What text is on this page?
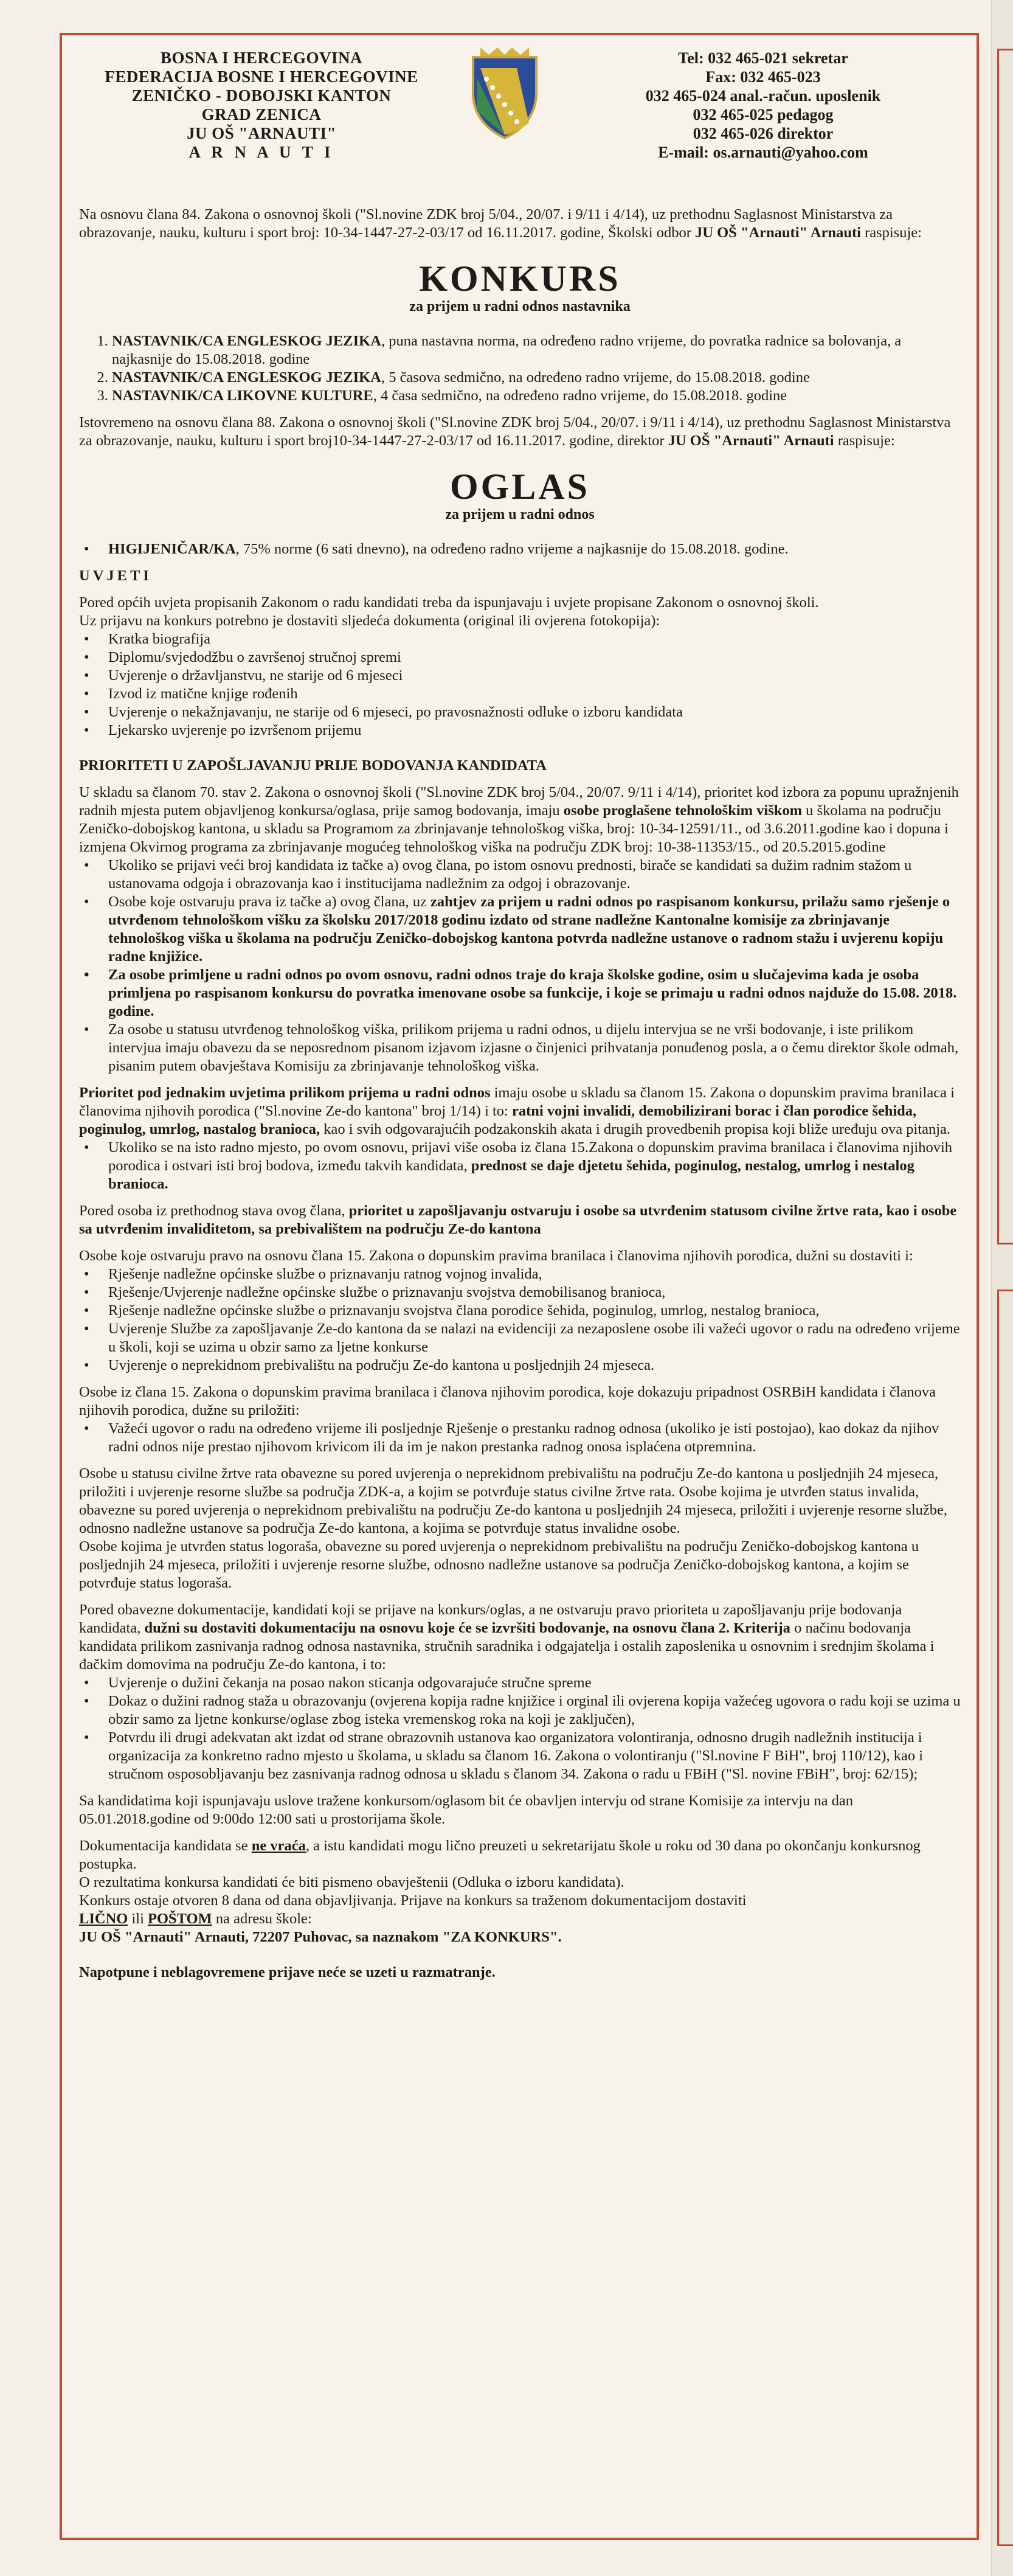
BOSNA I HERCEGOVINA
FEDERACIJA BOSNE I HERCEGOVINE
ZENIČKO - DOBOJSKI KANTON
GRAD ZENICA
JU OŠ "ARNAUTI"
A R N A U T I
Tel: 032 465-021 sekretar
Fax: 032 465-023
032 465-024 anal.-račun. uposlenik
032 465-025 pedagog
032 465-026 direktor
E-mail: os.arnauti@yahoo.com

Na osnovu člana 84. Zakona o osnovnoj školi ("Sl.novine ZDK broj 5/04., 20/07. i 9/11 i 4/14), uz prethodnu Saglasnost Ministarstva za obrazovanje, nauku, kulturu i sport broj: 10-34-1447-27-2-03/17 od 16.11.2017. godine, Školski odbor JU OŠ "Arnauti" Arnauti raspisuje:

KONKURS
za prijem u radni odnos nastavnika
1. NASTAVNIK/CA ENGLESKOG JEZIKA, puna nastavna norma, na određeno radno vrijeme, do povratka radnice sa bolovanja, a najkasnije do 15.08.2018. godine
2. NASTAVNIK/CA ENGLESKOG JEZIKA, 5 časova sedmično, na određeno radno vrijeme, do 15.08.2018. godine
3. NASTAVNIK/CA LIKOVNE KULTURE, 4 časa sedmično, na određeno radno vrijeme, do 15.08.2018. godine

Istovremeno na osnovu člana 88. Zakona o osnovnoj školi ("Sl.novine ZDK broj 5/04., 20/07. i 9/11 i 4/14), uz prethodnu Saglasnost Ministarstva za obrazovanje, nauku, kulturu i sport broj10-34-1447-27-2-03/17 od 16.11.2017. godine, direktor JU OŠ "Arnauti" Arnauti raspisuje:

OGLAS
za prijem u radni odnos
• HIGIJENIČAR/KA, 75% norme (6 sati dnevno), na određeno radno vrijeme a najkasnije do 15.08.2018. godine.
UVJETI

Pored općih uvjeta propisanih Zakonom o radu kandidati treba da ispunjavaju i uvjete propisane Zakonom o osnovnoj školi.

Uz prijavu na konkurs potrebno je dostaviti sljedeća dokumenta (original ili ovjerena fotokopija):

• Kratka biografija
• Diplomu/svjedodžbu o završenoj stručnoj spremi
• Uvjerenje o državljanstvu, ne starije od 6 mjeseci
• Izvod iz matične knjige rođenih
• Uvjerenje o nekažnjavanju, ne starije od 6 mjeseci, po pravosnažnosti odluke o izboru kandidata
• Ljekarsko uvjerenje po izvršenom prijemu
PRIORITETI U ZAPOŠLJAVANJU PRIJE BODOVANJA KANDIDATA

U skladu sa članom 70. stav 2. Zakona o osnovnoj školi ("Sl.novine ZDK broj 5/04., 20/07. 9/11 i 4/14), prioritet kod izbora za popunu upražnjenih radnih mjesta putem objavljenog konkursa/oglasa, prije samog bodovanja, imaju osobe proglašene tehnološkim viškom u školama na području Zeničko-dobojskog kantona, u skladu sa Programom za zbrinjavanje tehnološkog viška, broj: 10-34-12591/11., od 3.6.2011.godine kao i dopuna i izmjena Okvirnog programa za zbrinjavanje mogućeg tehnološkog viška na području ZDK broj: 10-38-11353/15., od 20.5.2015.godine

• Ukoliko se prijavi veći broj kandidata iz tačke a) ovog člana, po istom osnovu prednosti, birače se kandidati sa dužim radnim stažom u ustanovama odgoja i obrazovanja kao i institucijama nadležnim za odgoj i obrazovanje.
• Osobe koje ostvaruju prava iz tačke a) ovog člana, uz zahtjev za prijem u radni odnos po raspisanom konkursu, prilažu samo rješenje o utvrđenom tehnološkom višku za školsku 2017/2018 godinu izdato od strane nadležne Kantonalne komisije za zbrinjavanje tehnološkog viška u školama na području Zeničko-dobojskog kantona potvrda nadležne ustanove o radnom stažu i uvjerenu kopiju radne knjižice.
• Za osobe primljene u radni odnos po ovom osnovu, radni odnos traje do kraja školske godine, osim u slučajevima kada je osoba primljena po raspisanom konkursu do povratka imenovane osobe sa funkcije, i koje se primaju u radni odnos najduže do 15.08. 2018. godine.
• Za osobe u statusu utvrđenog tehnološkog viška, prilikom prijema u radni odnos, u dijelu intervjua se ne vrši bodovanje, i iste prilikom intervjua imaju obavezu da se neposrednom pisanom izjavom izjasne o činjenici prihvatanja ponuđenog posla, a o čemu direktor škole odmah, pisanim putem obavještava Komisiju za zbrinjavanje tehnološkog viška.

Prioritet pod jednakim uvjetima prilikom prijema u radni odnos imaju osobe u skladu sa članom 15. Zakona o dopunskim pravima branilaca i članovima njihovih porodica ("Sl.novine Ze-do kantona" broj 1/14) i to: ratni vojni invalidi, demobilizirani borac i član porodice šehida, poginulog, umrlog, nastalog branioca, kao i svih odgovarajućih podzakonskih akata i drugih provedbenih propisa koji bliže uređuju ova pitanja.

• Ukoliko se na isto radno mjesto, po ovom osnovu, prijavi više osoba iz člana 15.Zakona o dopunskim pravima branilaca i članovima njihovih porodica i ostvari isti broj bodova, između takvih kandidata, prednost se daje djetetu šehida, poginulog, nestalog, umrlog i nestalog branioca.

Pored osoba iz prethodnog stava ovog člana, prioritet u zapošljavanju ostvaruju i osobe sa utvrđenim statusom civilne žrtve rata, kao i osobe sa utvrđenim invaliditetom, sa prebivalištem na području Ze-do kantona

Osobe koje ostvaruju pravo na osnovu člana 15. Zakona o dopunskim pravima branilaca i članovima njihovih porodica, dužni su dostaviti i:

• Rješenje nadležne općinske službe o priznavanju ratnog vojnog invalida,
• Rješenje/Uvjerenje nadležne općinske službe o priznavanju svojstva demobilisanog branioca,
• Rješenje nadležne općinske službe o priznavanju svojstva člana porodice šehida, poginulog, umrlog, nestalog branioca,
• Uvjerenje Službe za zapošljavanje Ze-do kantona da se nalazi na evidenciji za nezaposlene osobe ili važeći ugovor o radu na određeno vrijeme u školi, koji se uzima u obzir samo za ljetne konkurse
• Uvjerenje o neprekidnom prebivalištu na području Ze-do kantona u posljednjih 24 mjeseca.

Osobe iz člana 15. Zakona o dopunskim pravima branilaca i članova njihovim porodica, koje dokazuju pripadnost OSRBiH kandidata i članova njihovih porodica, dužne su priložiti:

• Važeći ugovor o radu na određeno vrijeme ili posljednje Rješenje o prestanku radnog odnosa (ukoliko je isti postojao), kao dokaz da njihov radni odnos nije prestao njihovom krivicom ili da im je nakon prestanka radnog onosa isplaćena otpremnina.

Osobe u statusu civilne žrtve rata obavezne su pored uvjerenja o neprekidnom prebivalištu na području Ze-do kantona u posljednjih 24 mjeseca, priložiti i uvjerenje resorne službe sa područja ZDK-a, a kojim se potvrđuje status civilne žrtve rata. Osobe kojima je utvrđen status invalida, obavezne su pored uvjerenja o neprekidnom prebivalištu na području Ze-do kantona u posljednjih 24 mjeseca, priložiti i uvjerenje resorne službe, odnosno nadležne ustanove sa područja Ze-do kantona, a kojima se potvrđuje status invalidne osobe.

Osobe kojima je utvrđen status logoraša, obavezne su pored uvjerenja o neprekidnom prebivalištu na području Zeničko-dobojskog kantona u posljednjih 24 mjeseca, priložiti i uvjerenje resorne službe, odnosno nadležne ustanove sa područja Zeničko-dobojskog kantona, a kojim se potvrđuje status logoraša.

Pored obavezne dokumentacije, kandidati koji se prijave na konkurs/oglas, a ne ostvaruju pravo prioriteta u zapošljavanju prije bodovanja kandidata, dužni su dostaviti dokumentaciju na osnovu koje će se izvršiti bodovanje, na osnovu člana 2. Kriterija o načinu bodovanja kandidata prilikom zasnivanja radnog odnosa nastavnika, stručnih saradnika i odgajatelja i ostalih zaposlenika u osnovnim i srednjim školama i đačkim domovima na području Ze-do kantona, i to:

• Uvjerenje o dužini čekanja na posao nakon sticanja odgovarajuće stručne spreme
• Dokaz o dužini radnog staža u obrazovanju (ovjerena kopija radne knjižice i orginal ili ovjerena kopija važećeg ugovora o radu koji se uzima u obzir samo za ljetne konkurse/oglase zbog isteka vremenskog roka na koji je zaključen),
• Potvrdu ili drugi adekvatan akt izdat od strane obrazovnih ustanova kao organizatora volontiranja, odnosno drugih nadležnih institucija i organizacija za konkretno radno mjesto u školama, u skladu sa članom 16. Zakona o volontiranju ("Sl.novine F BiH", broj 110/12), kao i stručnom osposobljavanju bez zasnivanja radnog odnosa u skladu s članom 34. Zakona o radu u FBiH ("Sl. novine FBiH", broj: 62/15);

Sa kandidatima koji ispunjavaju uslove tražene konkursom/oglasom bit će obavljen intervju od strane Komisije za intervju na dan 05.01.2018.godine od 9:00do 12:00 sati u prostorijama škole.

Dokumentacija kandidata se ne vraća, a istu kandidati mogu lično preuzeti u sekretarijatu škole u roku od 30 dana po okončanju konkursnog postupka.

O rezultatima konkursa kandidati će biti pismeno obavještenii (Odluka o izboru kandidata).

Konkurs ostaje otvoren 8 dana od dana objavljivanja. Prijave na konkurs sa traženom dokumentacijom dostaviti

LIČNO ili POŠTOM na adresu škole:

JU OŠ "Arnauti" Arnauti, 72207 Puhovac, sa naznakom "ZA KONKURS".

Napotpune i neblagovremene prijave neće se uzeti u razmatranje.
